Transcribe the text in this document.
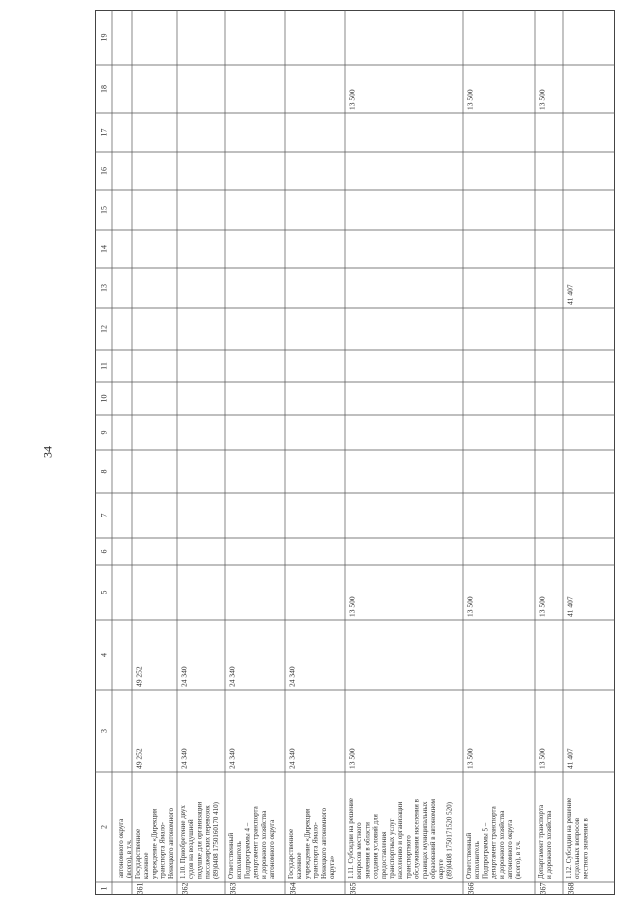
34
1
2
3
4
5
6
7
8
9
10
11
12
13
14
15
16
17
18
19
автономного округа (всего), в т.ч.
361
Государственное казенное учреждение «Дирекция транспорта Ямало- Ненецкого автономного
49 252
49 252
362
1.10. Приобретение двух судов на воздушной подушке для организации пассажирских перевозок (89)0408 1750160170 410)
24 340
24 340
363
Ответственный исполнитель Подпрограммы 4 – департамент транспорта и дорожного хозяйства автономного округа
24 340
24 340
364
Государственное казенное учреждение «Дирекция транспорта Ямало- Ненецкого автономного округа»
24 340
24 340
365
1.11. Субсидии на решение вопросов местного значения в области создания условий для предоставления транспортных услуг населению и организации транспортного обслуживания населения в границах муниципальных образований в автономном округе (89)0408 1750171520 520)
13 500
13 500
13 500
366
Ответственный исполнитель Подпрограммы 5 – департамент транспорта и дорожного хозяйства автономного округа (всего), в т.ч.
13 500
13 500
13 500
367
Департамент транспорта и дорожного хозяйства
13 500
13 500
13 500
368
1.12. Субсидии на решение отдельных вопросов местного значения в
41 407
41 407
41 407
